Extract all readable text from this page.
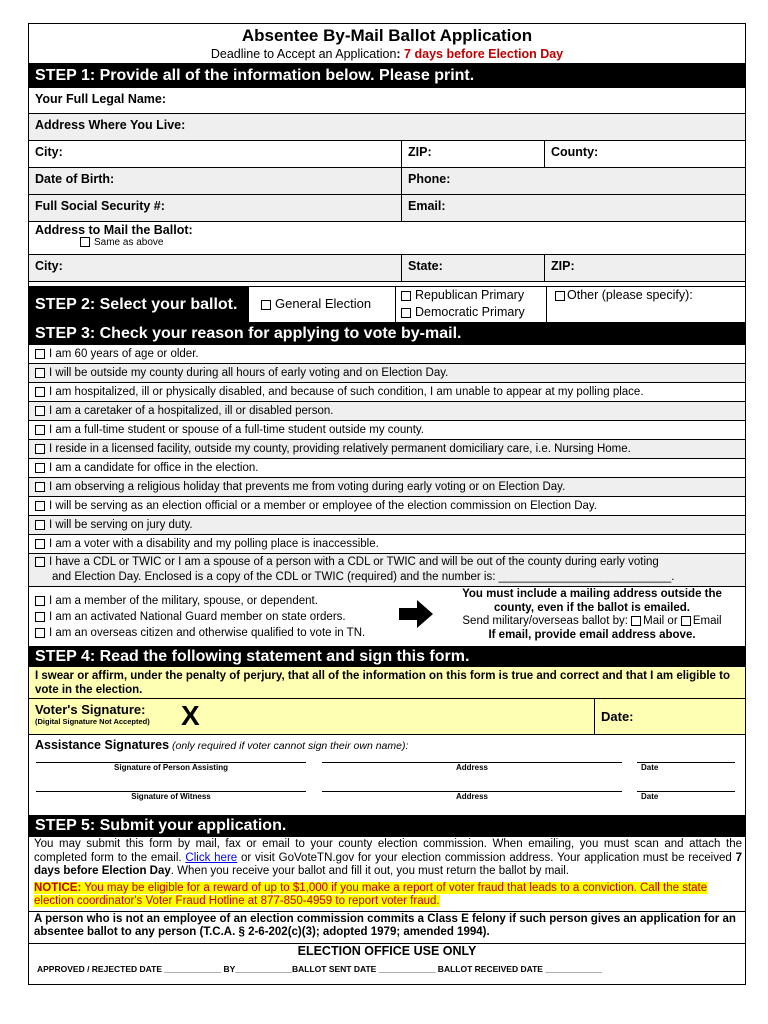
Absentee By-Mail Ballot Application
Deadline to Accept an Application: 7 days before Election Day
STEP 1: Provide all of the information below. Please print.
Your Full Legal Name:
Address Where You Live:
City:	ZIP:	County:
Date of Birth:	Phone:
Full Social Security #:	Email:
Address to Mail the Ballot:
Same as above
City:	State:	ZIP:
STEP 2: Select your ballot.	General Election
Republican Primary
Democratic Primary
Other (please specify):
STEP 3: Check your reason for applying to vote by-mail.
I am 60 years of age or older.
I will be outside my county during all hours of early voting and on Election Day.
I am hospitalized, ill or physically disabled, and because of such condition, I am unable to appear at my polling place.
I am a caretaker of a hospitalized, ill or disabled person.
I am a full-time student or spouse of a full-time student outside my county.
I reside in a licensed facility, outside my county, providing relatively permanent domiciliary care, i.e. Nursing Home.
I am a candidate for office in the election.
I am observing a religious holiday that prevents me from voting during early voting or on Election Day.
I will be serving as an election official or a member or employee of the election commission on Election Day.
I will be serving on jury duty.
I am a voter with a disability and my polling place is inaccessible.
I have a CDL or TWIC or I am a spouse of a person with a CDL or TWIC and will be out of the county during early voting
and Election Day. Enclosed is a copy of the CDL or TWIC (required) and the number is: ___________________________.
I am a member of the military, spouse, or dependent.
I am an activated National Guard member on state orders.
I am an overseas citizen and otherwise qualified to vote in TN.
You must include a mailing address outside the
county, even if the ballot is emailed.
Send military/overseas ballot by: Mail or Email
If email, provide email address above.
STEP 4: Read the following statement and sign this form.
I swear or affirm, under the penalty of perjury, that all of the information on this form is true and correct and that I am eligible to vote in the election.
Voter's Signature:
(Digital Signature Not Accepted)	X	Date:
Assistance Signatures (only required if voter cannot sign their own name):
Signature of Person Assisting	Address	Date
Signature of Witness	Address	Date
STEP 5: Submit your application.
You may submit this form by mail, fax or email to your county election commission. When emailing, you must scan and attach the completed form to the email. Click here or visit GoVoteTN.gov for your election commission address. Your application must be received 7 days before Election Day. When you receive your ballot and fill it out, you must return the ballot by mail.
NOTICE: You may be eligible for a reward of up to $1,000 if you make a report of voter fraud that leads to a conviction. Call the state election coordinator's Voter Fraud Hotline at 877-850-4959 to report voter fraud.
A person who is not an employee of an election commission commits a Class E felony if such person gives an application for an absentee ballot to any person (T.C.A. § 2-6-202(c)(3); adopted 1979; amended 1994).
ELECTION OFFICE USE ONLY
APPROVED / REJECTED DATE ____________ BY____________BALLOT SENT DATE ____________ BALLOT RECEIVED DATE ____________
